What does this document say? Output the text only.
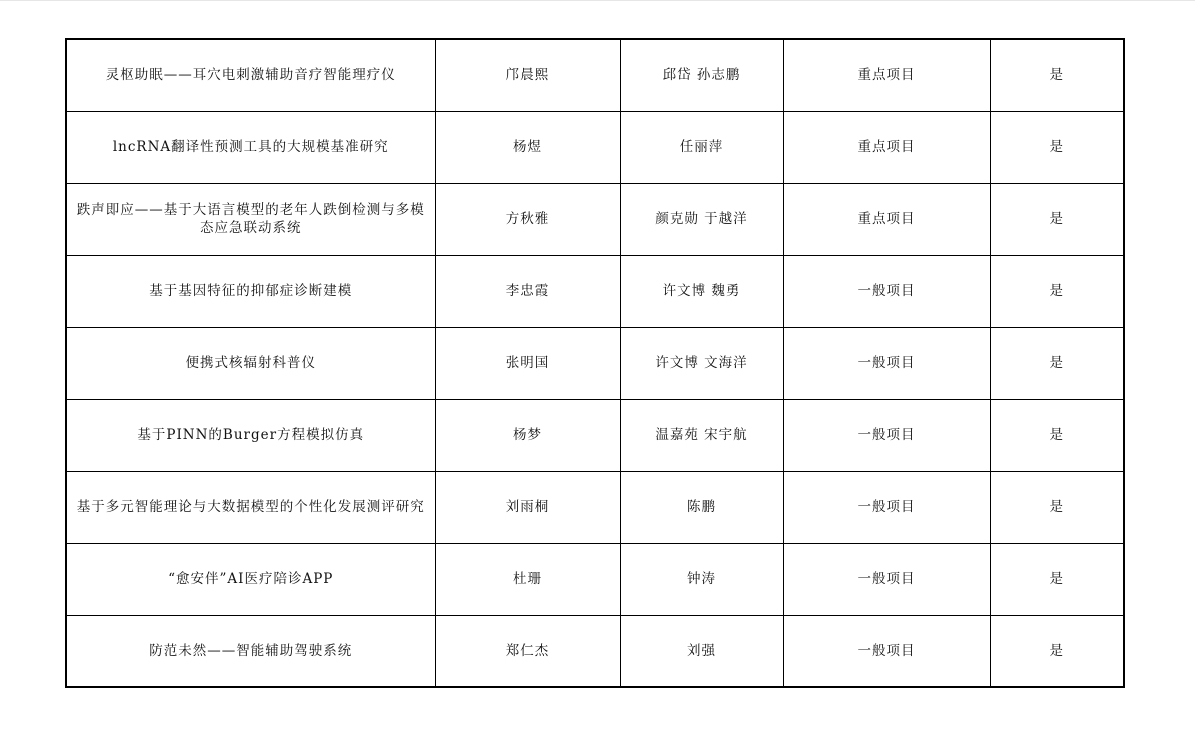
灵枢助眠——耳穴电刺激辅助音疗智能理疗仪	邝晨熙	邱岱 孙志鹏	重点项目	是
lncRNA翻译性预测工具的大规模基准研究	杨煜	任丽萍	重点项目	是
跌声即应——基于大语言模型的老年人跌倒检测与多模态应急联动系统	方秋雅	颜克勋 于越洋	重点项目	是
基于基因特征的抑郁症诊断建模	李忠霞	许文博 魏勇	一般项目	是
便携式核辐射科普仪	张明国	许文博 文海洋	一般项目	是
基于PINN的Burger方程模拟仿真	杨梦	温嘉苑 宋宇航	一般项目	是
基于多元智能理论与大数据模型的个性化发展测评研究	刘雨桐	陈鹏	一般项目	是
“愈安伴”AI医疗陪诊APP	杜珊	钟涛	一般项目	是
防范未然——智能辅助驾驶系统	郑仁杰	刘强	一般项目	是
